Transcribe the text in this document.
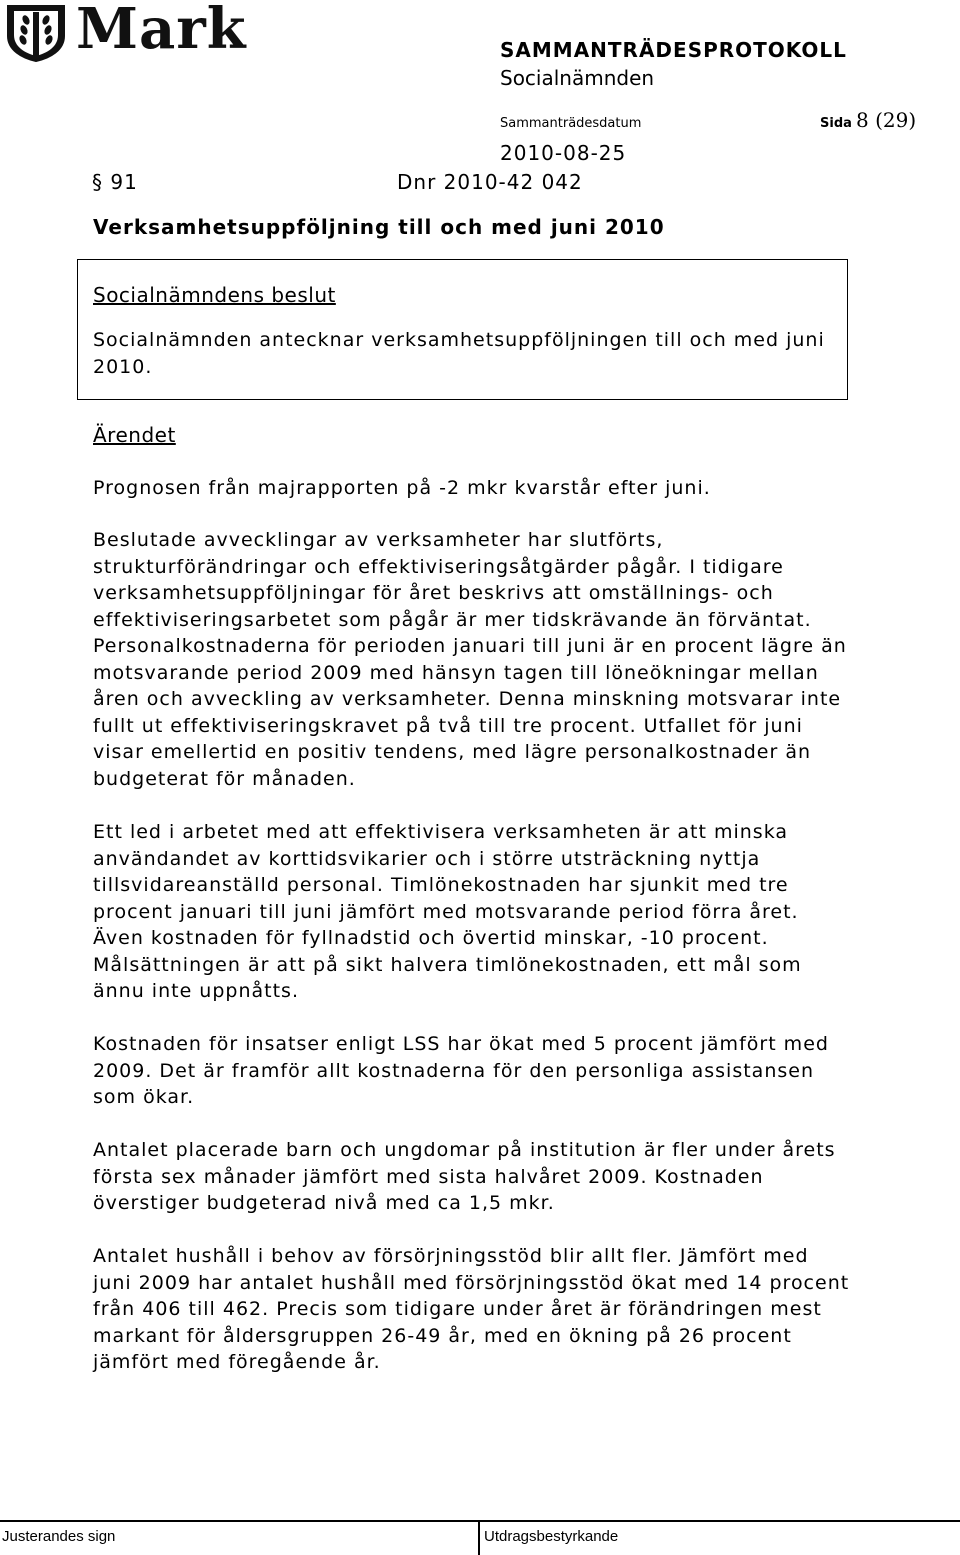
Mark	SAMMANTRÄDESPROTOKOLL
Socialnämnden
Sammanträdesdatum	Sida 8 (29)
2010-08-25
§ 91	Dnr 2010-42 042
Verksamhetsuppföljning till och med juni 2010
Socialnämndens beslut
Socialnämnden antecknar verksamhetsuppföljningen till och med juni 2010.
Ärendet
Prognosen från majrapporten på -2 mkr kvarstår efter juni.
Beslutade avvecklingar av verksamheter har slutförts, strukturförändringar och effektiviseringsåtgärder pågår. I tidigare verksamhetsuppföljningar för året beskrivs att omställnings- och effektiviseringsarbetet som pågår är mer tidskrävande än förväntat. Personalkostnaderna för perioden januari till juni är en procent lägre än motsvarande period 2009 med hänsyn tagen till löneökningar mellan åren och avveckling av verksamheter. Denna minskning motsvarar inte fullt ut effektiviseringskravet på två till tre procent. Utfallet för juni visar emellertid en positiv tendens, med lägre personalkostnader än budgeterat för månaden.
Ett led i arbetet med att effektivisera verksamheten är att minska användandet av korttidsvikarier och i större utsträckning nyttja tillsvidareanställd personal. Timlönekostnaden har sjunkit med tre procent januari till juni jämfört med motsvarande period förra året. Även kostnaden för fyllnadstid och övertid minskar, -10 procent. Målsättningen är att på sikt halvera timlönekostnaden, ett mål som ännu inte uppnåtts.
Kostnaden för insatser enligt LSS har ökat med 5 procent jämfört med 2009. Det är framför allt kostnaderna för den personliga assistansen som ökar.
Antalet placerade barn och ungdomar på institution är fler under årets första sex månader jämfört med sista halvåret 2009. Kostnaden överstiger budgeterad nivå med ca 1,5 mkr.
Antalet hushåll i behov av försörjningsstöd blir allt fler. Jämfört med juni 2009 har antalet hushåll med försörjningsstöd ökat med 14 procent från 406 till 462. Precis som tidigare under året är förändringen mest markant för åldersgruppen 26-49 år, med en ökning på 26 procent jämfört med föregående år.
Justerandes sign	Utdragsbestyrkande
